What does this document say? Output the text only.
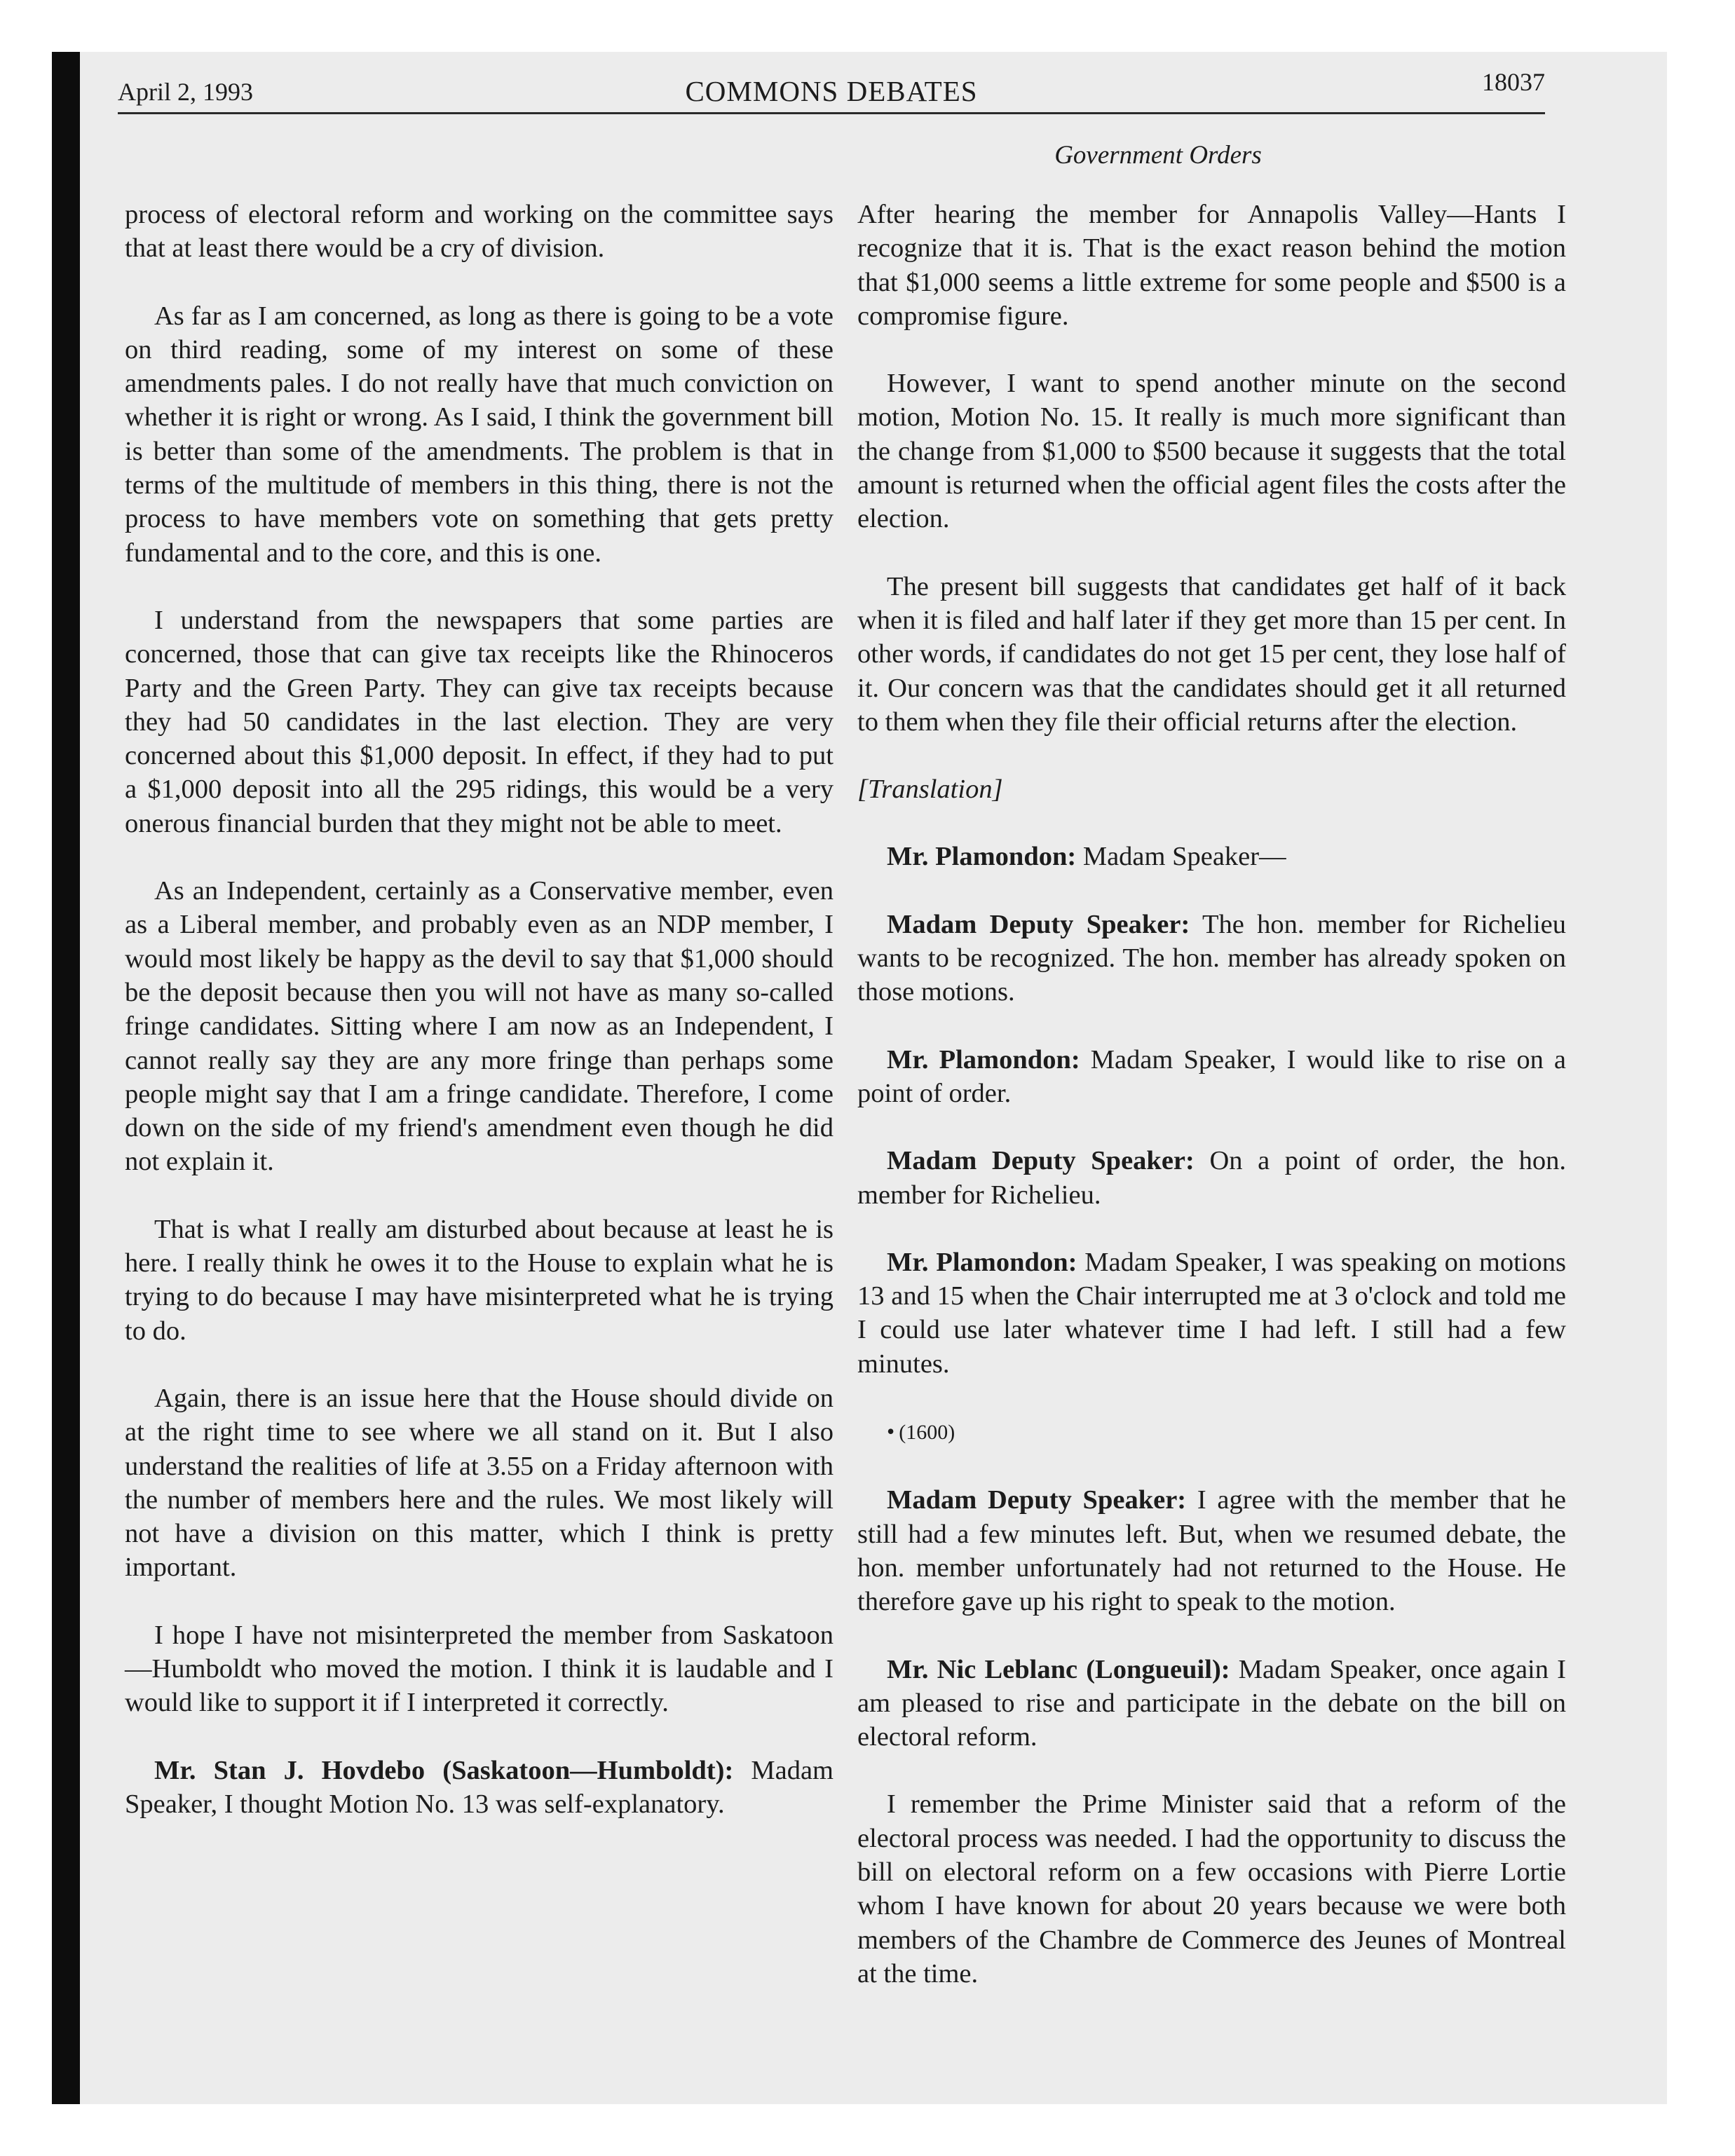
April 2, 1993	COMMONS DEBATES	18037
Government Orders

process of electoral reform and working on the committee says that at least there would be a cry of division.

As far as I am concerned, as long as there is going to be a vote on third reading, some of my interest on some of these amendments pales. I do not really have that much conviction on whether it is right or wrong. As I said, I think the government bill is better than some of the amendments. The problem is that in terms of the multitude of members in this thing, there is not the process to have members vote on something that gets pretty fundamental and to the core, and this is one.

I understand from the newspapers that some parties are concerned, those that can give tax receipts like the Rhinoceros Party and the Green Party. They can give tax receipts because they had 50 candidates in the last election. They are very concerned about this $1,000 deposit. In effect, if they had to put a $1,000 deposit into all the 295 ridings, this would be a very onerous financial burden that they might not be able to meet.

As an Independent, certainly as a Conservative member, even as a Liberal member, and probably even as an NDP member, I would most likely be happy as the devil to say that $1,000 should be the deposit because then you will not have as many so-called fringe candidates. Sitting where I am now as an Independent, I cannot really say they are any more fringe than perhaps some people might say that I am a fringe candidate. Therefore, I come down on the side of my friend's amendment even though he did not explain it.

That is what I really am disturbed about because at least he is here. I really think he owes it to the House to explain what he is trying to do because I may have misinterpreted what he is trying to do.

Again, there is an issue here that the House should divide on at the right time to see where we all stand on it. But I also understand the realities of life at 3.55 on a Friday afternoon with the number of members here and the rules. We most likely will not have a division on this matter, which I think is pretty important.

I hope I have not misinterpreted the member from Saskatoon—Humboldt who moved the motion. I think it is laudable and I would like to support it if I interpreted it correctly.

Mr. Stan J. Hovdebo (Saskatoon—Humboldt): Madam Speaker, I thought Motion No. 13 was self-explanatory.

After hearing the member for Annapolis Valley—Hants I recognize that it is. That is the exact reason behind the motion that $1,000 seems a little extreme for some people and $500 is a compromise figure.

However, I want to spend another minute on the second motion, Motion No. 15. It really is much more significant than the change from $1,000 to $500 because it suggests that the total amount is returned when the official agent files the costs after the election.

The present bill suggests that candidates get half of it back when it is filed and half later if they get more than 15 per cent. In other words, if candidates do not get 15 per cent, they lose half of it. Our concern was that the candidates should get it all returned to them when they file their official returns after the election.

[Translation]

Mr. Plamondon: Madam Speaker—

Madam Deputy Speaker: The hon. member for Richelieu wants to be recognized. The hon. member has already spoken on those motions.

Mr. Plamondon: Madam Speaker, I would like to rise on a point of order.

Madam Deputy Speaker: On a point of order, the hon. member for Richelieu.

Mr. Plamondon: Madam Speaker, I was speaking on motions 13 and 15 when the Chair interrupted me at 3 o'clock and told me I could use later whatever time I had left. I still had a few minutes.

• (1600)

Madam Deputy Speaker: I agree with the member that he still had a few minutes left. But, when we resumed debate, the hon. member unfortunately had not returned to the House. He therefore gave up his right to speak to the motion.

Mr. Nic Leblanc (Longueuil): Madam Speaker, once again I am pleased to rise and participate in the debate on the bill on electoral reform.

I remember the Prime Minister said that a reform of the electoral process was needed. I had the opportunity to discuss the bill on electoral reform on a few occasions with Pierre Lortie whom I have known for about 20 years because we were both members of the Chambre de Commerce des Jeunes of Montreal at the time.
